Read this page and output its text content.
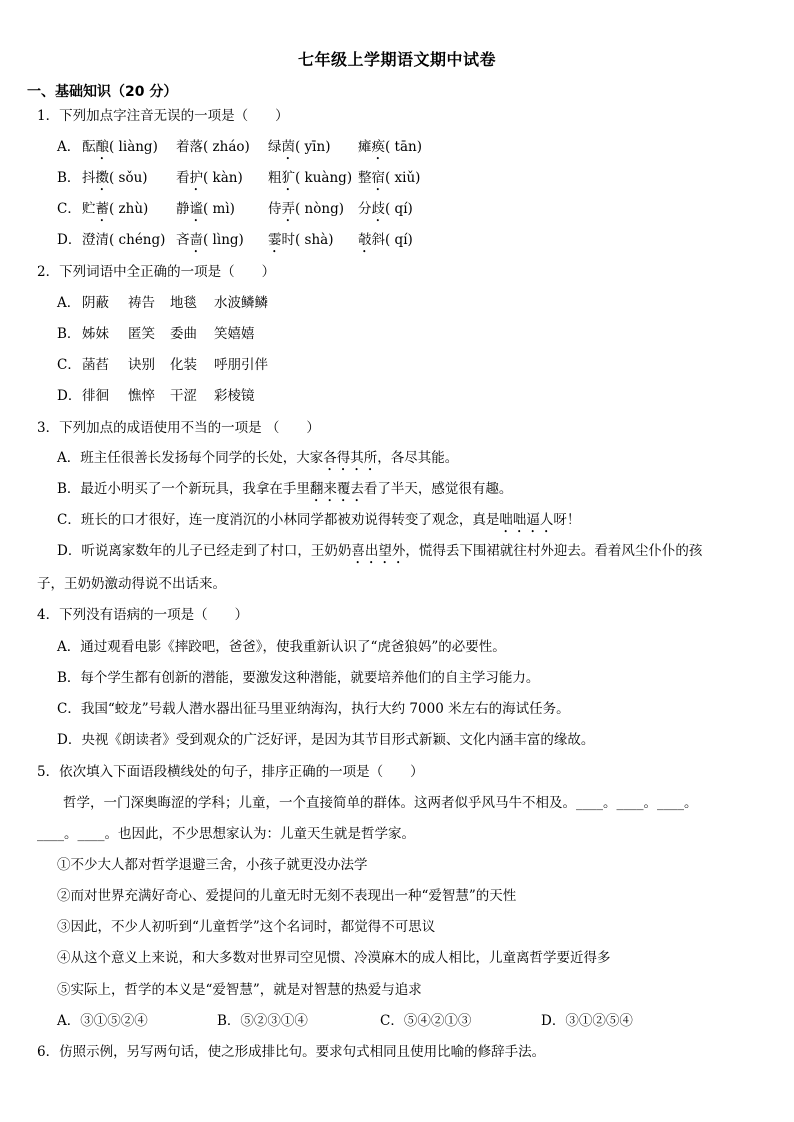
七年级上学期语文期中试卷
一、基础知识（20 分）
1．下列加点字注音无误的一项是（　　）
A． 酝酿( liàng) 着落( zháo) 绿茵( yīn) 瘫痪( tān)
B． 抖擞( sǒu) 看护( kàn) 粗犷( kuàng) 整宿( xiǔ)
C． 贮蓄( zhù) 静谧( mì) 侍弄( nòng) 分歧( qí)
D． 澄清( chéng) 吝啬( lìng) 霎时( shà) 攲斜( qí)
2．下列词语中全正确的一项是（　　）
A． 阴蔽 祷告 地毯 水波鳞鳞
B． 姊妹 匿笑 委曲 笑嬉嬉
C． 菡萏 诀别 化装 呼朋引伴
D． 徘徊 憔悴 干涩 彩棱镜
3．下列加点的成语使用不当的一项是 （　　）
A．班主任很善长发扬每个同学的长处，大家各得其所，各尽其能。
B．最近小明买了一个新玩具，我拿在手里翻来覆去看了半天，感觉很有趣。
C．班长的口才很好，连一度消沉的小林同学都被劝说得转变了观念，真是咄咄逼人呀！
D．听说离家数年的儿子已经走到了村口，王奶奶喜出望外，慌得丢下围裙就往村外迎去。看着风尘仆仆的孩
子，王奶奶激动得说不出话来。
4．下列没有语病的一项是（　　）
A．通过观看电影《摔跤吧，爸爸》，使我重新认识了“虎爸狼妈”的必要性。
B．每个学生都有创新的潜能，要激发这种潜能，就要培养他们的自主学习能力。
C．我国“蛟龙”号载人潜水器出征马里亚纳海沟，执行大约 7000 米左右的海试任务。
D．央视《朗读者》受到观众的广泛好评，是因为其节目形式新颖、文化内涵丰富的缘故。
5．依次填入下面语段横线处的句子，排序正确的一项是（　　）
哲学，一门深奥晦涩的学科；儿童，一个直接简单的群体。这两者似乎风马牛不相及。____。____。____。
____。____。也因此，不少思想家认为：儿童天生就是哲学家。
①不少大人都对哲学退避三舍，小孩子就更没办法学
②而对世界充满好奇心、爱提问的儿童无时无刻不表现出一种“爱智慧”的天性
③因此，不少人初听到“儿童哲学”这个名词时，都觉得不可思议
④从这个意义上来说，和大多数对世界司空见惯、冷漠麻木的成人相比，儿童离哲学要近得多
⑤实际上，哲学的本义是“爱智慧”，就是对智慧的热爱与追求
A．③①⑤②④	B．⑤②③①④	C．⑤④②①③	D．③①②⑤④
6．仿照示例，另写两句话，使之形成排比句。要求句式相同且使用比喻的修辞手法。
